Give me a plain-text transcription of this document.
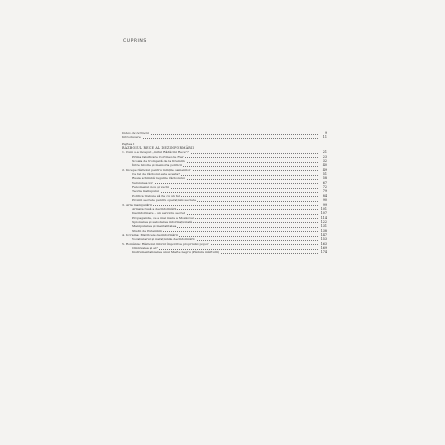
CUPRINS
Index de termeni	9
Introducere	11
Partea I
RĂZBOIUL RECE AL DEZINFORMĂRII
1. Cum s-a inceput „mitul Rădăcini Rece”?	21
Prima falsificare Cortinei de Fier	23
Scoala de trompetă de la Kremlin	32
Între Istorie și memoria politicii	40
2. Incepe războiul pentru mințile oamenilor	49
Ce fel de războiul este acesta?	51
Rusia schimbă regulile războiului	58
Versiunea lor	67
Fenomenul nou și vechi	72
Teoria Gallupului	79
Politica trebuie să fie cu un fel	84
Promil secrete pentru operațiuni secrete	90
3. Arta manipulării	99
Armata rusă a dezinformării	101
Dezinformare – un serviciu secret	107
Propaganda, ce e mai mare a Moskovei	114
Spionarea și sabotarea informațională	122
Manipularea și mentalitatea	131
Studii de Putemkin	138
4. Ucraina: Matricele dezinformării	147
Vocabularul și narațiunile dezinformării	153
5. România: Războiul hibrid împotriva propriului popor	163
Omnivalea și el?	169
Instrumentalizarea unui Marte negru (Pădure mărturii)	174
